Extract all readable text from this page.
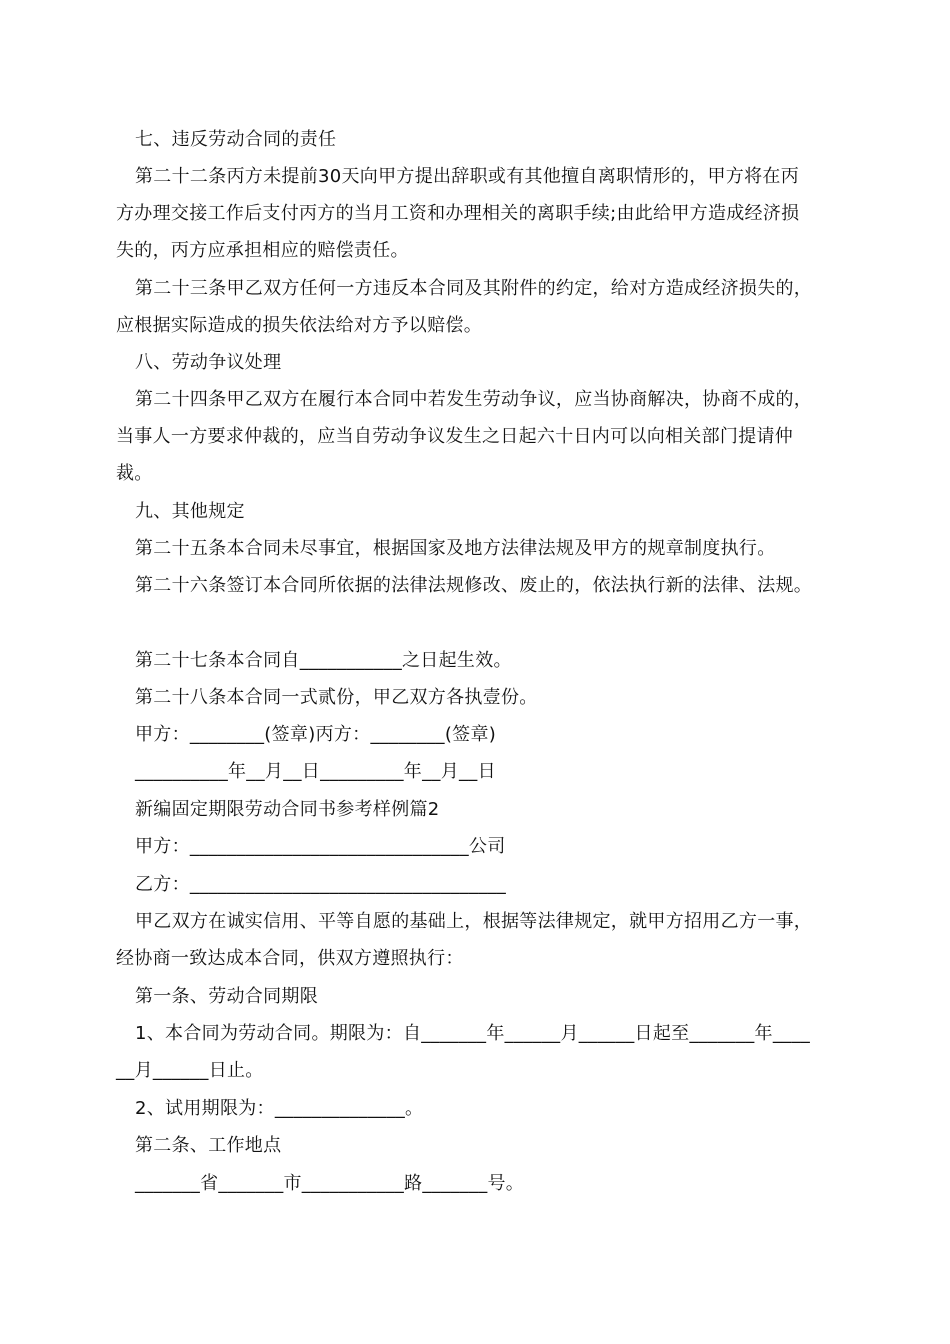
七、违反劳动合同的责任

第二十二条丙方未提前30天向甲方提出辞职或有其他擅自离职情形的，甲方将在丙

方办理交接工作后支付丙方的当月工资和办理相关的离职手续;由此给甲方造成经济损

失的，丙方应承担相应的赔偿责任。

第二十三条甲乙双方任何一方违反本合同及其附件的约定，给对方造成经济损失的，

应根据实际造成的损失依法给对方予以赔偿。

八、劳动争议处理

第二十四条甲乙双方在履行本合同中若发生劳动争议，应当协商解决，协商不成的，

当事人一方要求仲裁的，应当自劳动争议发生之日起六十日内可以向相关部门提请仲

裁。

九、其他规定

第二十五条本合同未尽事宜，根据国家及地方法律法规及甲方的规章制度执行。

第二十六条签订本合同所依据的法律法规修改、废止的，依法执行新的法律、法规。

第二十七条本合同自___________之日起生效。

第二十八条本合同一式贰份，甲乙双方各执壹份。

甲方：________(签章)丙方：________(签章)

__________年__月__日_________年__月__日

新编固定期限劳动合同书参考样例篇2

甲方：______________________________公司

乙方：__________________________________

甲乙双方在诚实信用、平等自愿的基础上，根据等法律规定，就甲方招用乙方一事，

经协商一致达成本合同，供双方遵照执行：

第一条、劳动合同期限

1、本合同为劳动合同。期限为：自_______年______月______日起至_______年____

__月______日止。

2、试用期限为：______________。

第二条、工作地点

_______省_______市___________路_______号。
